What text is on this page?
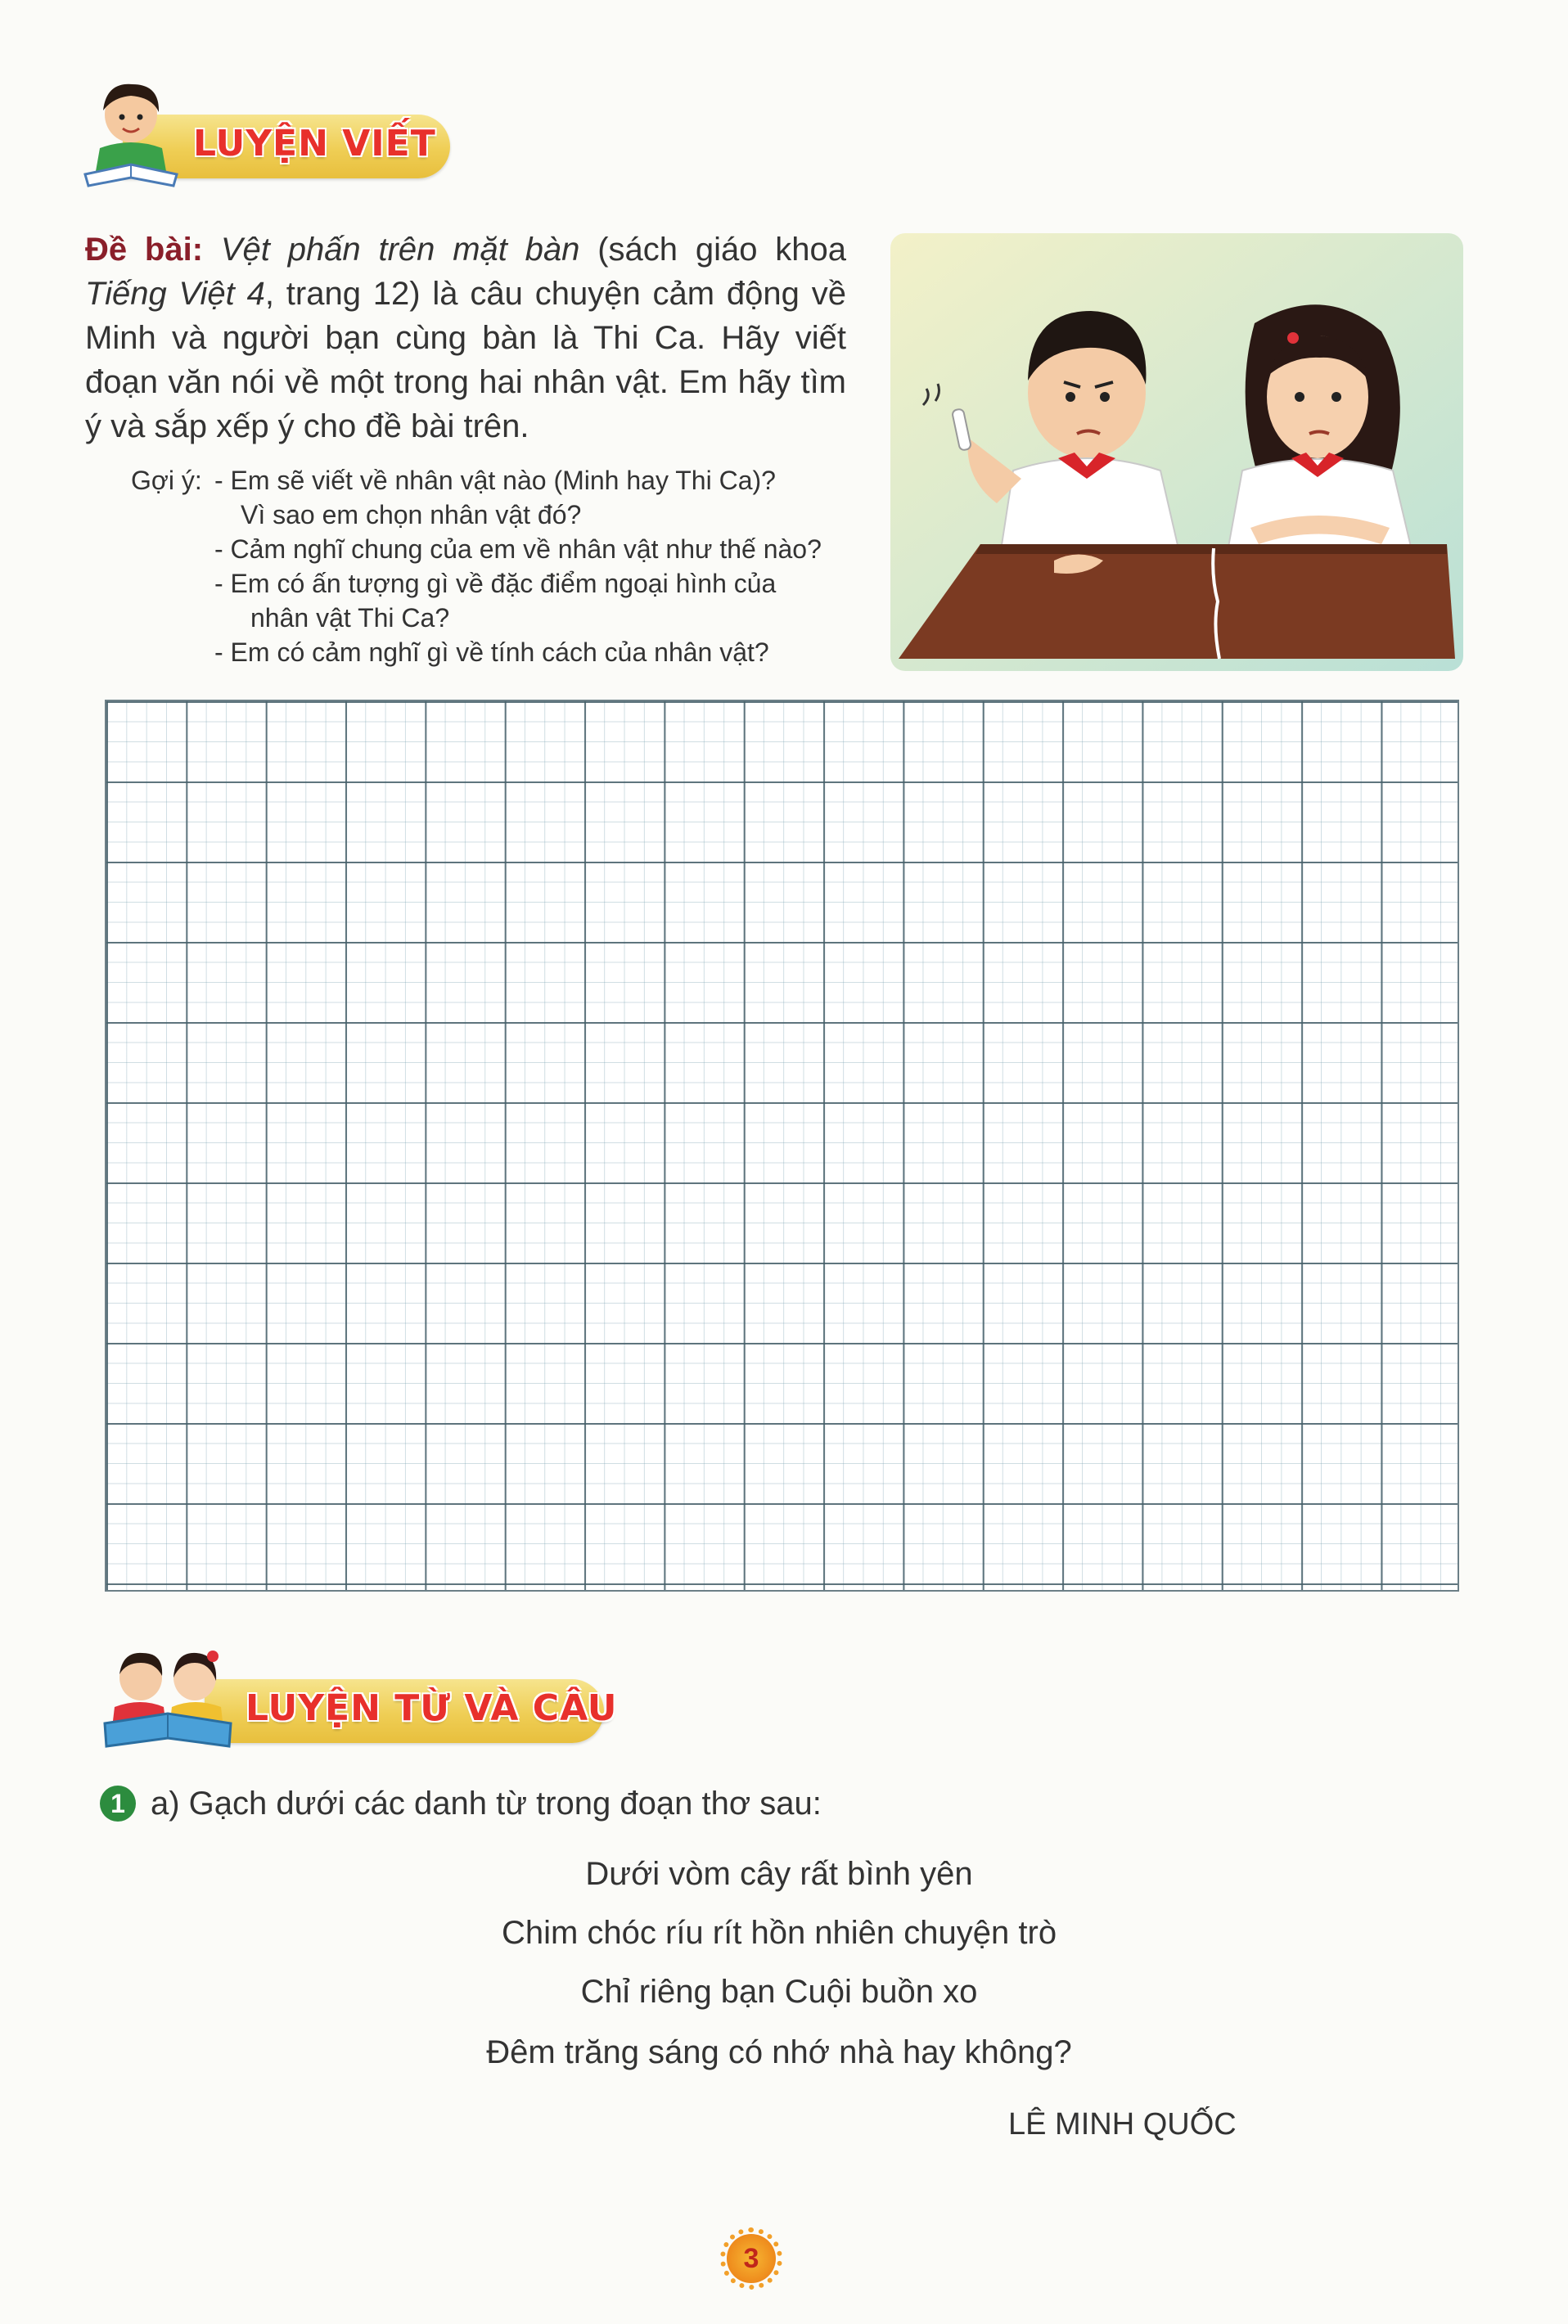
LUYỆN VIẾT
Đề bài: Vệt phấn trên mặt bàn (sách giáo khoa Tiếng Việt 4, trang 12) là câu chuyện cảm động về Minh và người bạn cùng bàn là Thi Ca. Hãy viết đoạn văn nói về một trong hai nhân vật. Em hãy tìm ý và sắp xếp ý cho đề bài trên.
Gợi ý: - Em sẽ viết về nhân vật nào (Minh hay Thi Ca)?
Vì sao em chọn nhân vật đó?
- Cảm nghĩ chung của em về nhân vật như thế nào?
- Em có ấn tượng gì về đặc điểm ngoại hình của
nhân vật Thi Ca?
- Em có cảm nghĩ gì về tính cách của nhân vật?
LUYỆN TỪ VÀ CÂU
1 a) Gạch dưới các danh từ trong đoạn thơ sau:
Dưới vòm cây rất bình yên
Chim chóc ríu rít hồn nhiên chuyện trò
Chỉ riêng bạn Cuội buồn xo
Đêm trăng sáng có nhớ nhà hay không?
LÊ MINH QUỐC
3
